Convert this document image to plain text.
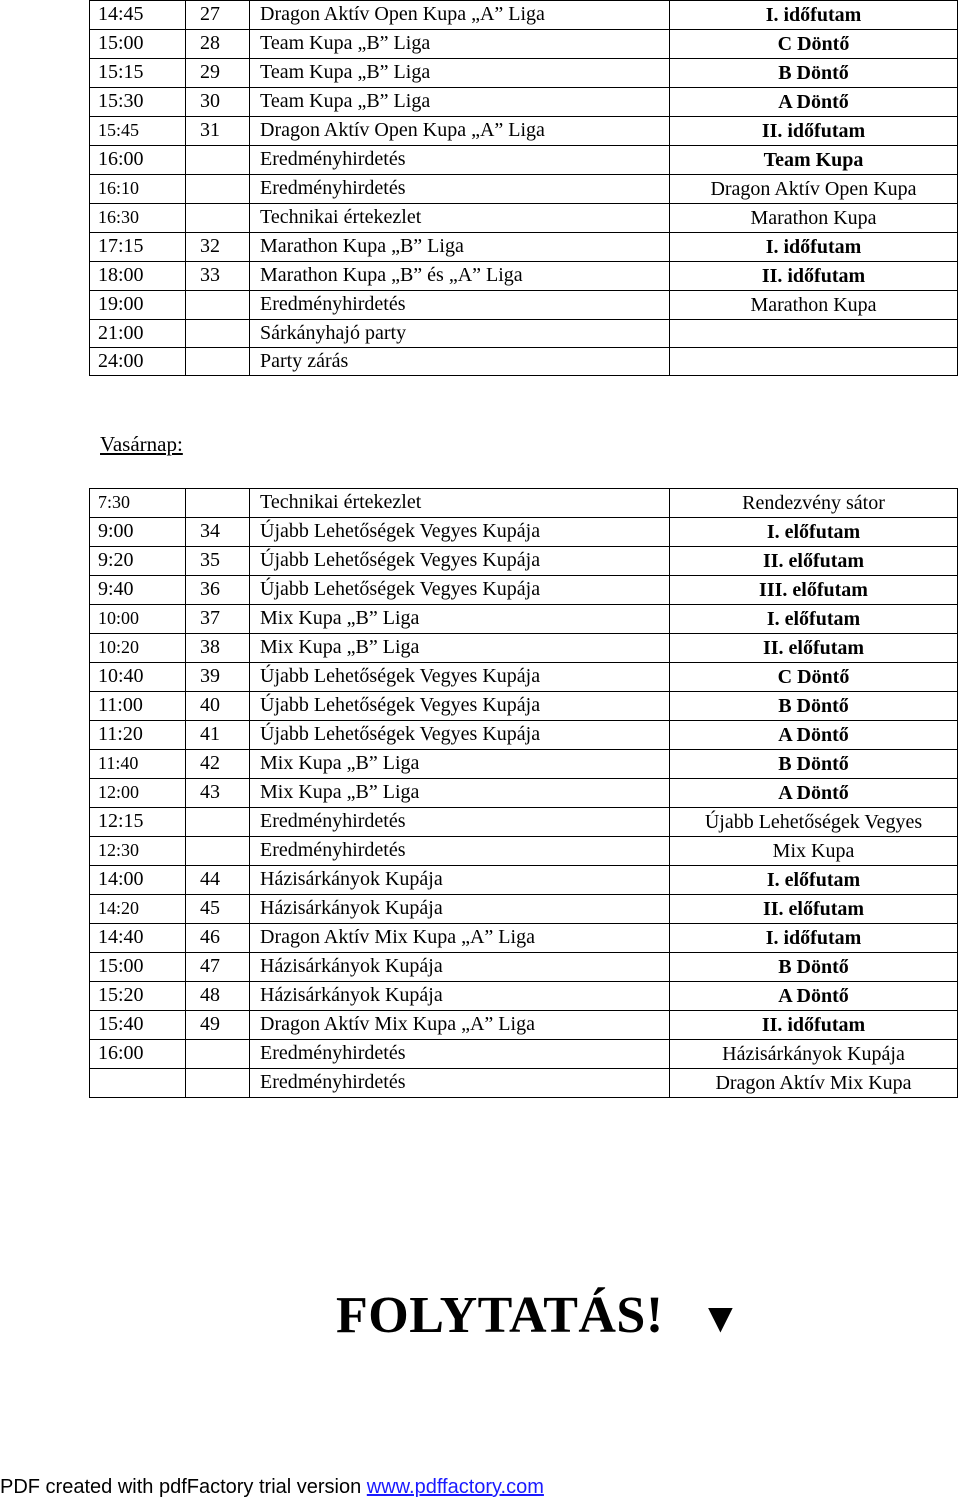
14:45	27	Dragon Aktív Open Kupa „A” Liga	I. időfutam
15:00	28	Team Kupa „B” Liga	C Döntő
15:15	29	Team Kupa „B” Liga	B Döntő
15:30	30	Team Kupa „B” Liga	A Döntő
15:45	31	Dragon Aktív Open Kupa „A” Liga	II. időfutam
16:00		Eredményhirdetés	Team Kupa
16:10		Eredményhirdetés	Dragon Aktív Open Kupa
16:30		Technikai értekezlet	Marathon Kupa
17:15	32	Marathon Kupa „B” Liga	I. időfutam
18:00	33	Marathon Kupa „B” és „A” Liga	II. időfutam
19:00		Eredményhirdetés	Marathon Kupa
21:00		Sárkányhajó party	
24:00		Party zárás	
Vasárnap:
7:30		Technikai értekezlet	Rendezvény sátor
9:00	34	Újabb Lehetőségek Vegyes Kupája	I. előfutam
9:20	35	Újabb Lehetőségek Vegyes Kupája	II. előfutam
9:40	36	Újabb Lehetőségek Vegyes Kupája	III. előfutam
10:00	37	Mix Kupa „B” Liga	I. előfutam
10:20	38	Mix Kupa „B” Liga	II. előfutam
10:40	39	Újabb Lehetőségek Vegyes Kupája	C Döntő
11:00	40	Újabb Lehetőségek Vegyes Kupája	B Döntő
11:20	41	Újabb Lehetőségek Vegyes Kupája	A Döntő
11:40	42	Mix Kupa „B” Liga	B Döntő
12:00	43	Mix Kupa „B” Liga	A Döntő
12:15		Eredményhirdetés	Újabb Lehetőségek Vegyes
12:30		Eredményhirdetés	Mix Kupa
14:00	44	Házisárkányok Kupája	I. előfutam
14:20	45	Házisárkányok Kupája	II. előfutam
14:40	46	Dragon Aktív Mix Kupa „A” Liga	I. időfutam
15:00	47	Házisárkányok Kupája	B Döntő
15:20	48	Házisárkányok Kupája	A Döntő
15:40	49	Dragon Aktív Mix Kupa „A” Liga	II. időfutam
16:00		Eredményhirdetés	Házisárkányok Kupája
		Eredményhirdetés	Dragon Aktív Mix Kupa
FOLYTATÁS! ▼
PDF created with pdfFactory trial version www.pdffactory.com
